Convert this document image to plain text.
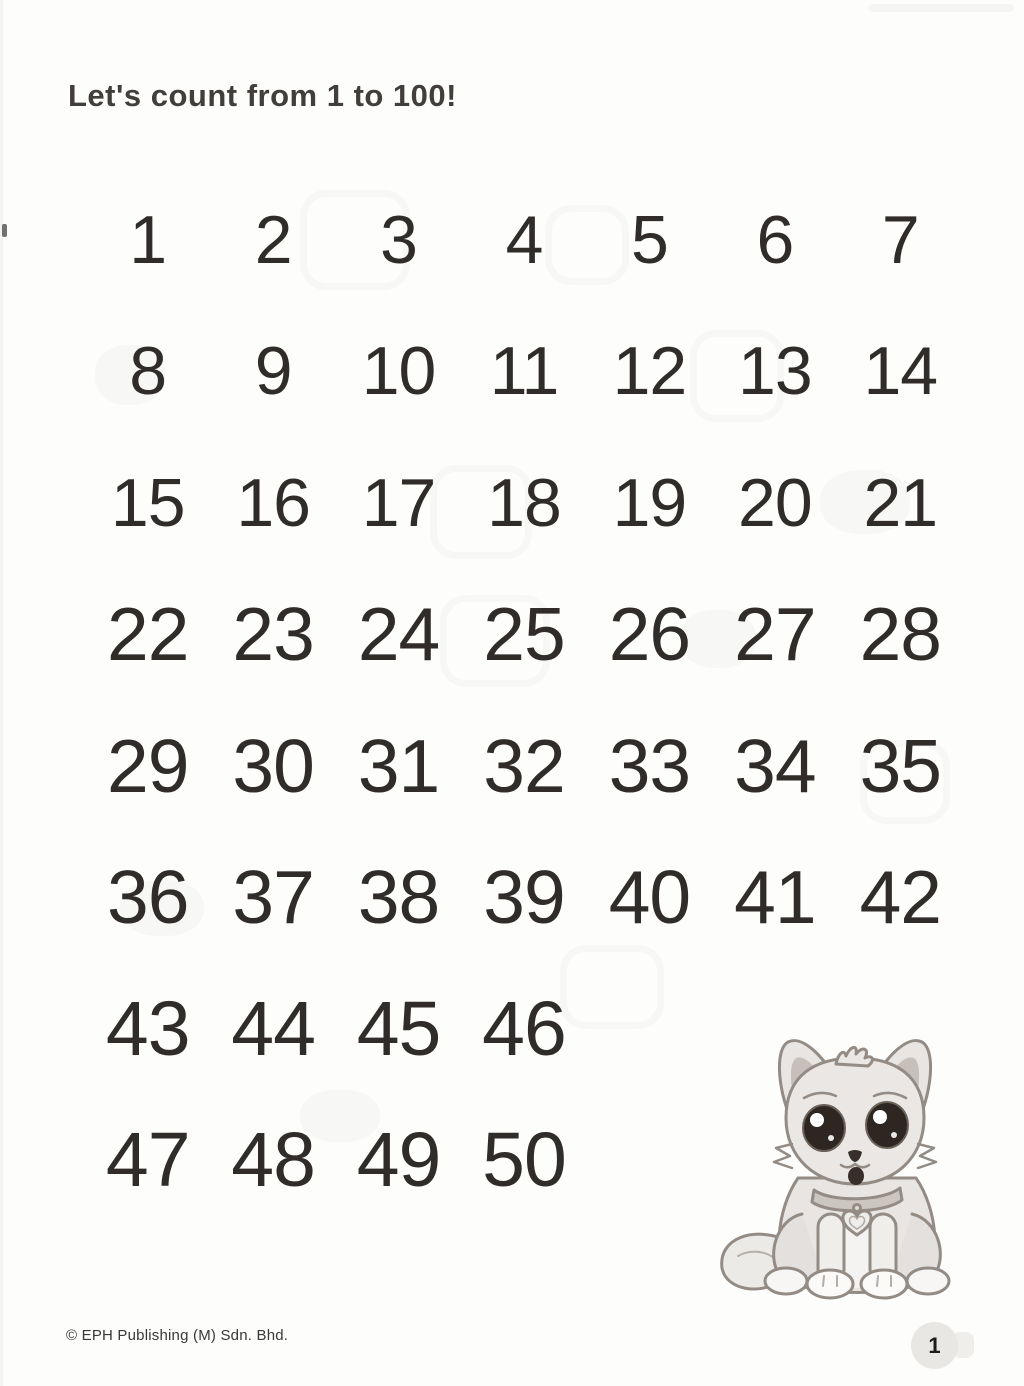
Let's count from 1 to 100!
1 2 3 4 5 6 7
8 9 10 11 12 13 14
15 16 17 18 19 20 21
22 23 24 25 26 27 28
29 30 31 32 33 34 35
36 37 38 39 40 41 42
43 44 45 46
47 48 49 50
© EPH Publishing (M) Sdn. Bhd.	1
